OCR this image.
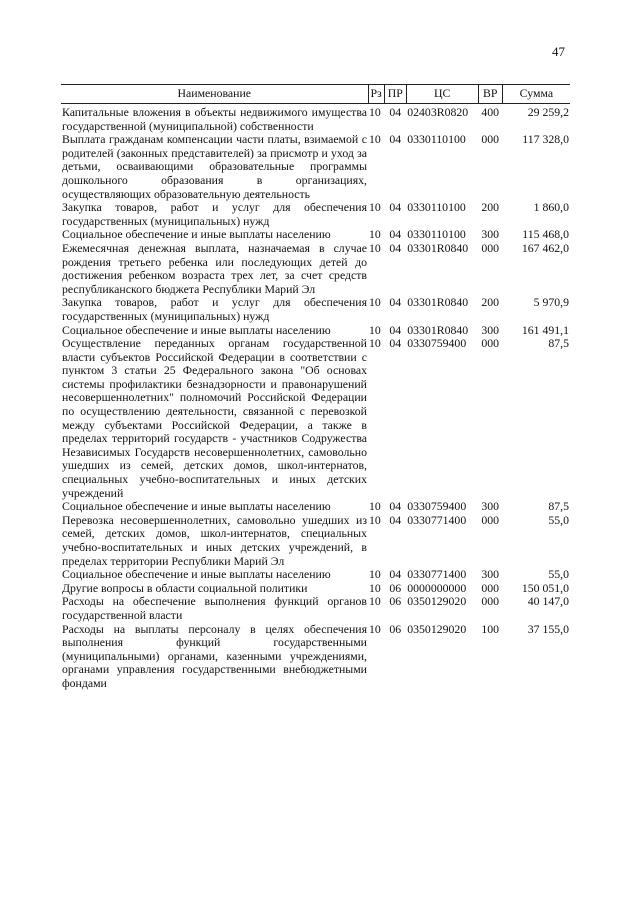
47
Наименование	Рз	ПР	ЦС	ВР	Сумма

Капитальные вложения в объекты недвижимого имущества государственной (муниципальной) собственности	10	04	02403R0820	400	29 259,2
Выплата гражданам компенсации части платы, взимаемой с родителей (законных представителей) за присмотр и уход за детьми, осваивающими образовательные программы дошкольного образования в организациях, осуществляющих образовательную деятельность	10	04	0330110100	000	117 328,0
Закупка товаров, работ и услуг для обеспечения государственных (муниципальных) нужд	10	04	0330110100	200	1 860,0
Социальное обеспечение и иные выплаты населению	10	04	0330110100	300	115 468,0
Ежемесячная денежная выплата, назначаемая в случае рождения третьего ребенка или последующих детей до достижения ребенком возраста трех лет, за счет средств республиканского бюджета Республики Марий Эл	10	04	03301R0840	000	167 462,0
Закупка товаров, работ и услуг для обеспечения государственных (муниципальных) нужд	10	04	03301R0840	200	5 970,9
Социальное обеспечение и иные выплаты населению	10	04	03301R0840	300	161 491,1
Осуществление переданных органам государственной власти субъектов Российской Федерации в соответствии с пунктом 3 статьи 25 Федерального закона "Об основах системы профилактики безнадзорности и правонарушений несовершеннолетних" полномочий Российской Федерации по осуществлению деятельности, связанной с перевозкой между субъектами Российской Федерации, а также в пределах территорий государств - участников Содружества Независимых Государств несовершеннолетних, самовольно ушедших из семей, детских домов, школ-интернатов, специальных учебно-воспитательных и иных детских учреждений	10	04	0330759400	000	87,5
Социальное обеспечение и иные выплаты населению	10	04	0330759400	300	87,5
Перевозка несовершеннолетних, самовольно ушедших из семей, детских домов, школ-интернатов, специальных учебно-воспитательных и иных детских учреждений, в пределах территории Республики Марий Эл	10	04	0330771400	000	55,0
Социальное обеспечение и иные выплаты населению	10	04	0330771400	300	55,0
Другие вопросы в области социальной политики	10	06	0000000000	000	150 051,0
Расходы на обеспечение выполнения функций органов государственной власти	10	06	0350129020	000	40 147,0
Расходы на выплаты персоналу в целях обеспечения выполнения функций государственными (муниципальными) органами, казенными учреждениями, органами управления государственными внебюджетными фондами	10	06	0350129020	100	37 155,0
